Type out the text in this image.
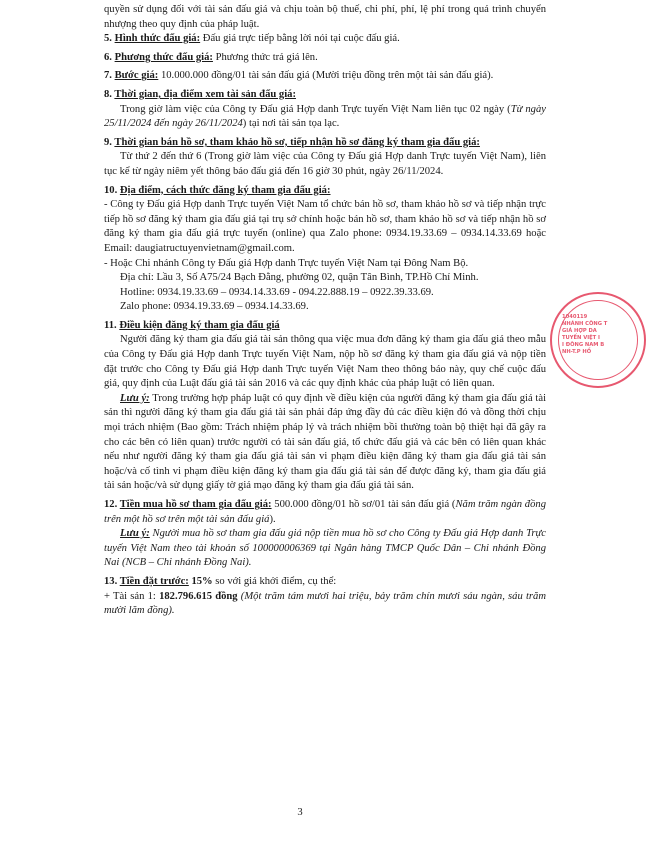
quyền sử dụng đối với tài sản đấu giá và chịu toàn bộ thuế, chi phí, phí, lệ phí trong quá trình chuyển nhượng theo quy định của pháp luật.

5. Hình thức đấu giá: Đấu giá trực tiếp bằng lời nói tại cuộc đấu giá.

6. Phương thức đấu giá: Phương thức trả giá lên.

7. Bước giá: 10.000.000 đồng/01 tài sản đấu giá (Mười triệu đồng trên một tài sản đấu giá).

8. Thời gian, địa điểm xem tài sản đấu giá:

Trong giờ làm việc của Công ty Đấu giá Hợp danh Trực tuyến Việt Nam liên tục 02 ngày (Từ ngày 25/11/2024 đến ngày 26/11/2024) tại nơi tài sản tọa lạc.

9. Thời gian bán hồ sơ, tham khảo hồ sơ, tiếp nhận hồ sơ đăng ký tham gia đấu giá:

Từ thứ 2 đến thứ 6 (Trong giờ làm việc của Công ty Đấu giá Hợp danh Trực tuyến Việt Nam), liên tục kể từ ngày niêm yết thông báo đấu giá đến 16 giờ 30 phút, ngày 26/11/2024.

10. Địa điểm, cách thức đăng ký tham gia đấu giá:

- Công ty Đấu giá Hợp danh Trực tuyến Việt Nam tổ chức bán hồ sơ, tham khảo hồ sơ và tiếp nhận trực tiếp hồ sơ đăng ký tham gia đấu giá tại trụ sở chính hoặc bán hồ sơ, tham khảo hồ sơ và tiếp nhận hồ sơ đăng ký tham gia đấu giá trực tuyến (online) qua Zalo phone: 0934.19.33.69 – 0934.14.33.69 hoặc Email: daugiatructuyenvietnam@gmail.com.

- Hoặc Chi nhánh Công ty Đấu giá Hợp danh Trực tuyến Việt Nam tại Đông Nam Bộ.

Địa chỉ: Lầu 3, Số A75/24 Bạch Đằng, phường 02, quận Tân Bình, TP.Hồ Chí Minh.

Hotline: 0934.19.33.69 – 0934.14.33.69 - 094.22.888.19 – 0922.39.33.69.

Zalo phone: 0934.19.33.69 – 0934.14.33.69.

11. Điều kiện đăng ký tham gia đấu giá

Người đăng ký tham gia đấu giá tài sản thông qua việc mua đơn đăng ký tham gia đấu giá theo mẫu của Công ty Đấu giá Hợp danh Trực tuyến Việt Nam, nộp hồ sơ đăng ký tham gia đấu giá và nộp tiền đặt trước cho Công ty Đấu giá Hợp danh Trực tuyến Việt Nam theo thông báo này, quy chế cuộc đấu giá, quy định của Luật đấu giá tài sản 2016 và các quy định khác của pháp luật có liên quan.

Lưu ý: Trong trường hợp pháp luật có quy định về điều kiện của người đăng ký tham gia đấu giá tài sản thì người đăng ký tham gia đấu giá tài sản phải đáp ứng đầy đủ các điều kiện đó và đồng thời chịu mọi trách nhiệm (Bao gồm: Trách nhiệm pháp lý và trách nhiệm bồi thường toàn bộ thiệt hại đã gây ra cho các bên có liên quan) trước người có tài sản đấu giá, tổ chức đấu giá và các bên có liên quan khác nếu như người đăng ký tham gia đấu giá tài sản vi phạm điều kiện đăng ký tham gia đấu giá tài sản hoặc/và cố tình vi phạm điều kiện đăng ký tham gia đấu giá tài sản để được đăng ký, tham gia đấu giá tài sản hoặc/và sử dụng giấy tờ giả mạo đăng ký tham gia đấu giá tài sản.

12. Tiền mua hồ sơ tham gia đấu giá: 500.000 đồng/01 hồ sơ/01 tài sản đấu giá (Năm trăm ngàn đồng trên một hồ sơ trên một tài sản đấu giá).

Lưu ý: Người mua hồ sơ tham gia đấu giá nộp tiền mua hồ sơ cho Công ty Đấu giá Hợp danh Trực tuyến Việt Nam theo tài khoản số 100000006369 tại Ngân hàng TMCP Quốc Dân – Chi nhánh Đồng Nai (NCB – Chi nhánh Đồng Nai).

13. Tiền đặt trước: 15% so với giá khởi điểm, cụ thể:

+ Tài sản 1: 182.796.615 đồng (Một trăm tám mươi hai triệu, bảy trăm chín mươi sáu ngàn, sáu trăm mười lăm đồng).

1040119
NHÁNH CÔNG T
GIÁ HỢP DA
TUYẾN VIỆT I
I ĐÔNG NAM B
NH-T.P HỒ
3
